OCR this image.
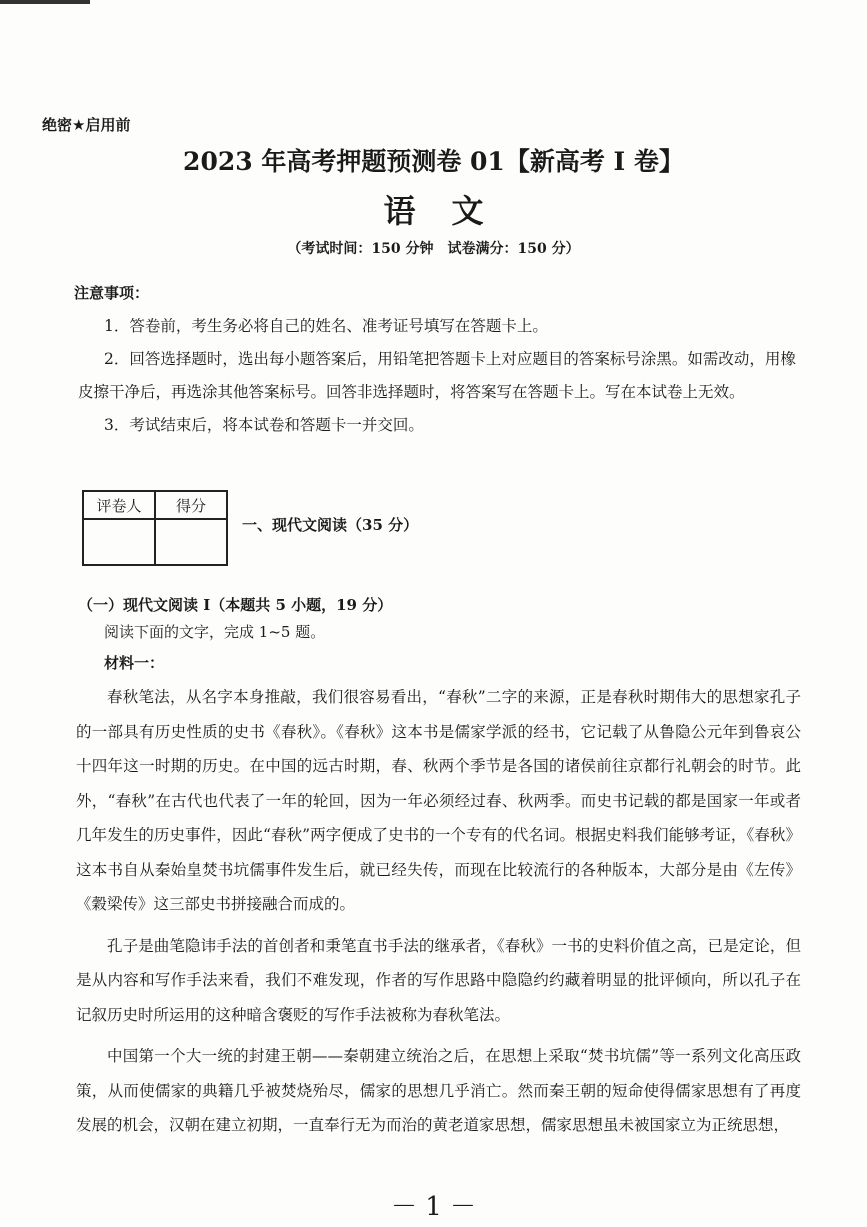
绝密★启用前
2023 年高考押题预测卷 01【新高考 I 卷】
语文
（考试时间：150 分钟　试卷满分：150 分）
注意事项：

1．答卷前，考生务必将自己的姓名、准考证号填写在答题卡上。

2．回答选择题时，选出每小题答案后，用铅笔把答题卡上对应题目的答案标号涂黑。如需改动，用橡皮擦干净后，再选涂其他答案标号。回答非选择题时，将答案写在答题卡上。写在本试卷上无效。

3．考试结束后，将本试卷和答题卡一并交回。

评卷人	得分

一、现代文阅读（35 分）
（一）现代文阅读 I（本题共 5 小题，19 分）
阅读下面的文字，完成 1~5 题。
材料一：

春秋笔法，从名字本身推敲，我们很容易看出，“春秋”二字的来源，正是春秋时期伟大的思想家孔子的一部具有历史性质的史书《春秋》。《春秋》这本书是儒家学派的经书，它记载了从鲁隐公元年到鲁哀公十四年这一时期的历史。在中国的远古时期，春、秋两个季节是各国的诸侯前往京都行礼朝会的时节。此外，“春秋”在古代也代表了一年的轮回，因为一年必须经过春、秋两季。而史书记载的都是国家一年或者几年发生的历史事件，因此“春秋”两字便成了史书的一个专有的代名词。根据史料我们能够考证，《春秋》这本书自从秦始皇焚书坑儒事件发生后，就已经失传，而现在比较流行的各种版本，大部分是由《左传》《穀梁传》这三部史书拼接融合而成的。

孔子是曲笔隐讳手法的首创者和秉笔直书手法的继承者，《春秋》一书的史料价值之高，已是定论，但是从内容和写作手法来看，我们不难发现，作者的写作思路中隐隐约约藏着明显的批评倾向，所以孔子在记叙历史时所运用的这种暗含褒贬的写作手法被称为春秋笔法。

中国第一个大一统的封建王朝——秦朝建立统治之后，在思想上采取“焚书坑儒”等一系列文化高压政策，从而使儒家的典籍几乎被焚烧殆尽，儒家的思想几乎消亡。然而秦王朝的短命使得儒家思想有了再度发展的机会，汉朝在建立初期，一直奉行无为而治的黄老道家思想，儒家思想虽未被国家立为正统思想，

－ 1 －
